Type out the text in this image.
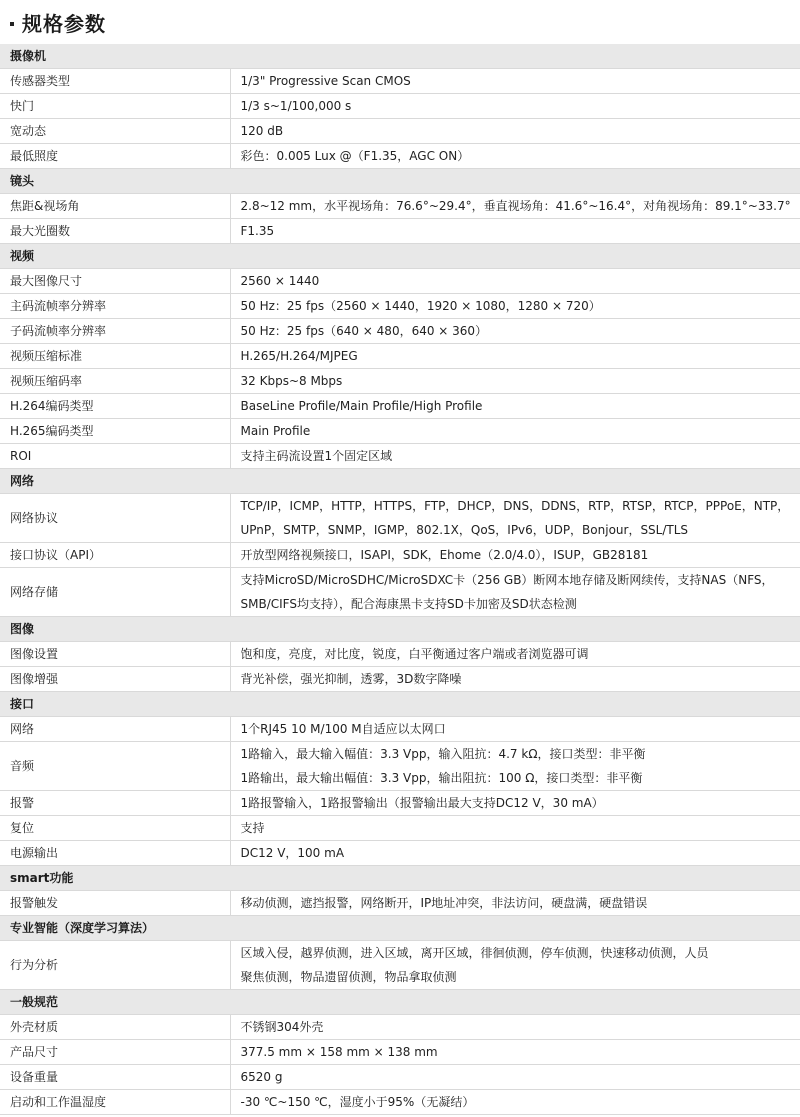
规格参数
摄像机	
传感器类型	1/3" Progressive Scan CMOS

快门	1/3 s~1/100,000 s

宽动态	120 dB

最低照度	彩色：0.005 Lux @（F1.35，AGC ON）

镜头	
焦距&视场角	2.8~12 mm，水平视场角：76.6°~29.4°，垂直视场角：41.6°~16.4°，对角视场角：89.1°~33.7°

最大光圈数	F1.35

视频	
最大图像尺寸	2560 × 1440

主码流帧率分辨率	50 Hz：25 fps（2560 × 1440，1920 × 1080，1280 × 720）

子码流帧率分辨率	50 Hz：25 fps（640 × 480，640 × 360）

视频压缩标准	H.265/H.264/MJPEG

视频压缩码率	32 Kbps~8 Mbps

H.264编码类型	BaseLine Profile/Main Profile/High Profile

H.265编码类型	Main Profile

ROI	支持主码流设置1个固定区域

网络	
网络协议	TCP/IP，ICMP，HTTP，HTTPS，FTP，DHCP，DNS，DDNS，RTP，RTSP，RTCP，PPPoE，NTP，
UPnP，SMTP，SNMP，IGMP，802.1X，QoS，IPv6，UDP，Bonjour，SSL/TLS

接口协议（API）	开放型网络视频接口，ISAPI，SDK，Ehome（2.0/4.0），ISUP，GB28181

网络存储	支持MicroSD/MicroSDHC/MicroSDXC卡（256 GB）断网本地存储及断网续传，支持NAS（NFS，
SMB/CIFS均支持），配合海康黑卡支持SD卡加密及SD状态检测

图像	
图像设置	饱和度，亮度，对比度，锐度，白平衡通过客户端或者浏览器可调

图像增强	背光补偿，强光抑制，透雾，3D数字降噪

接口	
网络	1个RJ45 10 M/100 M自适应以太网口

音频	1路输入，最大输入幅值：3.3 Vpp，输入阻抗：4.7 kΩ，接口类型：非平衡
1路输出，最大输出幅值：3.3 Vpp，输出阻抗：100 Ω，接口类型：非平衡

报警	1路报警输入，1路报警输出（报警输出最大支持DC12 V，30 mA）

复位	支持

电源输出	DC12 V，100 mA

smart功能	
报警触发	移动侦测，遮挡报警，网络断开，IP地址冲突，非法访问，硬盘满，硬盘错误

专业智能（深度学习算法）	
行为分析	区域入侵，越界侦测，进入区域，离开区域，徘徊侦测，停车侦测，快速移动侦测，人员
聚焦侦测，物品遗留侦测，物品拿取侦测

一般规范	
外壳材质	不锈钢304外壳

产品尺寸	377.5 mm × 158 mm × 138 mm

设备重量	6520 g

启动和工作温湿度	-30 ℃~150 ℃，湿度小于95%（无凝结）
